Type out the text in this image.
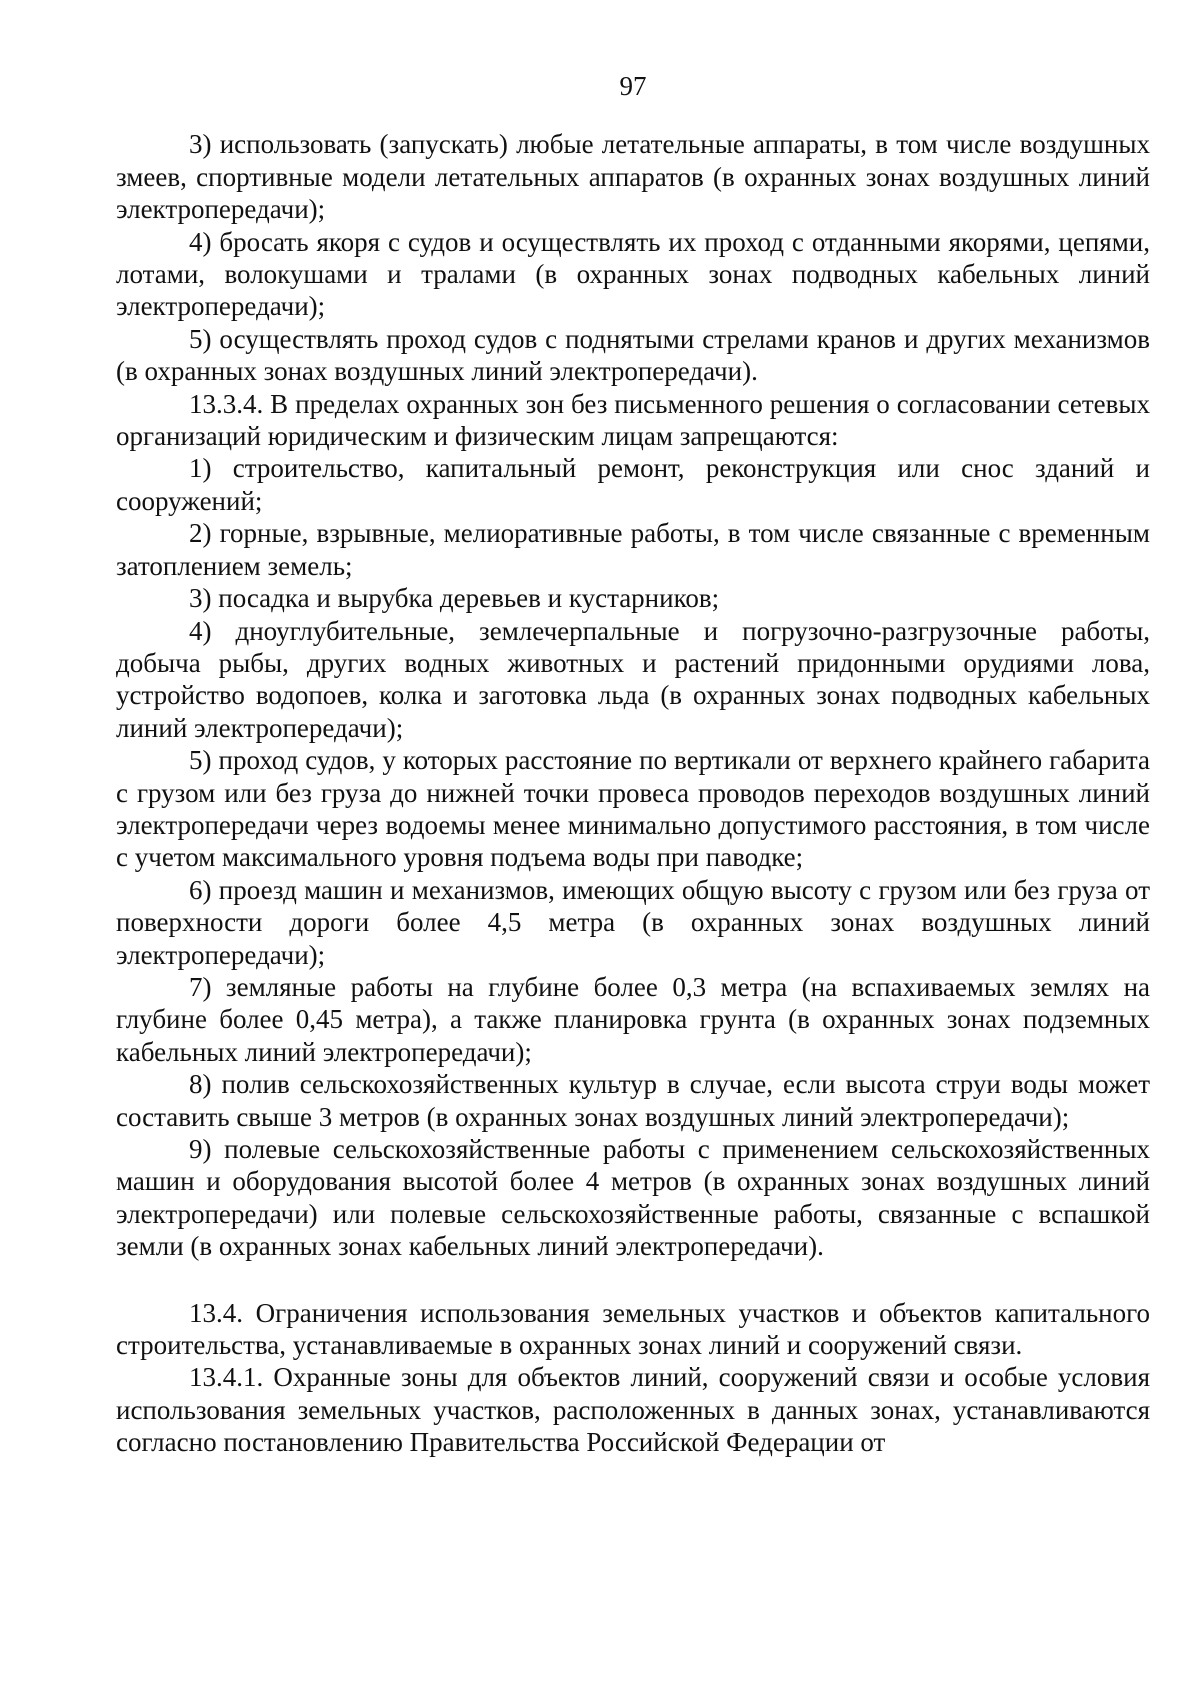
97

3) использовать (запускать) любые летательные аппараты, в том числе воздушных змеев, спортивные модели летательных аппаратов (в охранных зонах воздушных линий электропередачи);

4) бросать якоря с судов и осуществлять их проход с отданными якорями, цепями, лотами, волокушами и тралами (в охранных зонах подводных кабельных линий электропередачи);

5) осуществлять проход судов с поднятыми стрелами кранов и других механизмов (в охранных зонах воздушных линий электропередачи).

13.3.4. В пределах охранных зон без письменного решения о согласовании сетевых организаций юридическим и физическим лицам запрещаются:

1) строительство, капитальный ремонт, реконструкция или снос зданий и сооружений;

2) горные, взрывные, мелиоративные работы, в том числе связанные с временным затоплением земель;

3) посадка и вырубка деревьев и кустарников;

4) дноуглубительные, землечерпальные и погрузочно-разгрузочные работы, добыча рыбы, других водных животных и растений придонными орудиями лова, устройство водопоев, колка и заготовка льда (в охранных зонах подводных кабельных линий электропередачи);

5) проход судов, у которых расстояние по вертикали от верхнего крайнего габарита с грузом или без груза до нижней точки провеса проводов переходов воздушных линий электропередачи через водоемы менее минимально допустимого расстояния, в том числе с учетом максимального уровня подъема воды при паводке;

6) проезд машин и механизмов, имеющих общую высоту с грузом или без груза от поверхности дороги более 4,5 метра (в охранных зонах воздушных линий электропередачи);

7) земляные работы на глубине более 0,3 метра (на вспахиваемых землях на глубине более 0,45 метра), а также планировка грунта (в охранных зонах подземных кабельных линий электропередачи);

8) полив сельскохозяйственных культур в случае, если высота струи воды может составить свыше 3 метров (в охранных зонах воздушных линий электропередачи);

9) полевые сельскохозяйственные работы с применением сельскохозяйственных машин и оборудования высотой более 4 метров (в охранных зонах воздушных линий электропередачи) или полевые сельскохозяйственные работы, связанные с вспашкой земли (в охранных зонах кабельных линий электропередачи).

13.4. Ограничения использования земельных участков и объектов капитального строительства, устанавливаемые в охранных зонах линий и сооружений связи.

13.4.1. Охранные зоны для объектов линий, сооружений связи и особые условия использования земельных участков, расположенных в данных зонах, устанавливаются согласно постановлению Правительства Российской Федерации от
